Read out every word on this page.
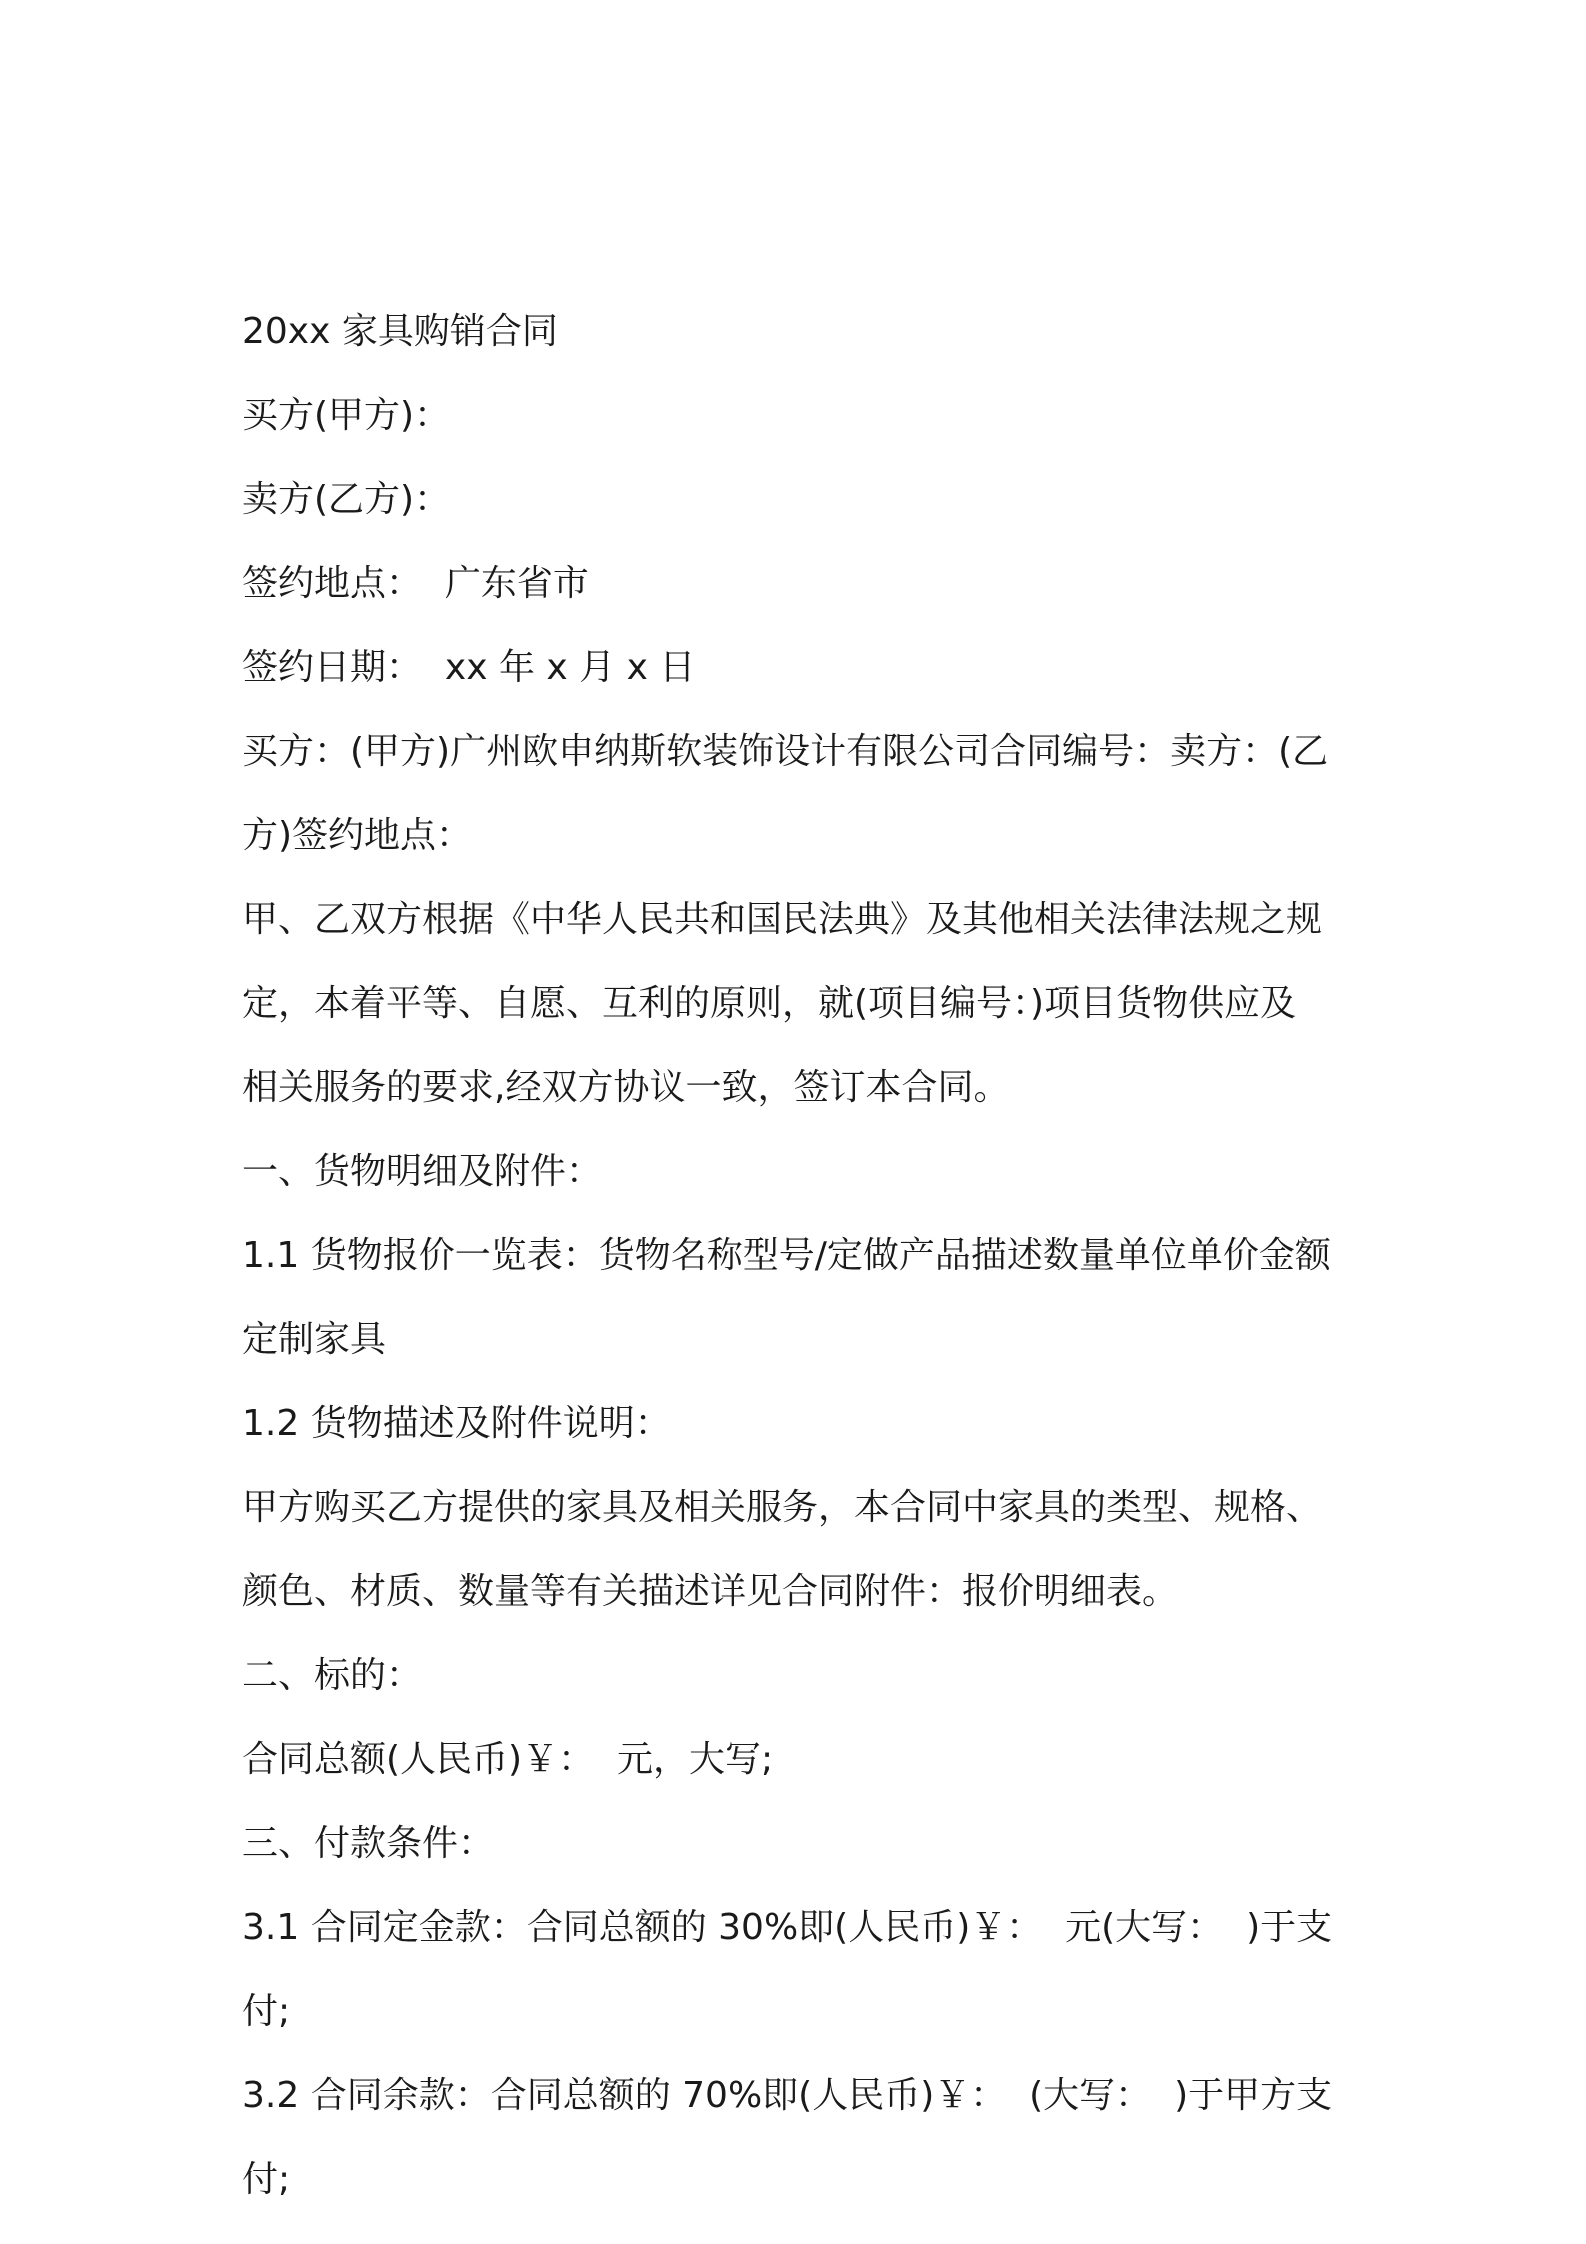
20xx 家具购销合同

买方(甲方)：

卖方(乙方)：

签约地点：  广东省市

签约日期：  xx 年 x 月 x 日

买方：(甲方)广州欧申纳斯软装饰设计有限公司合同编号：卖方：(乙

方)签约地点：

甲、乙双方根据《中华人民共和国民法典》及其他相关法律法规之规

定，本着平等、自愿、互利的原则，就(项目编号：)项目货物供应及

相关服务的要求,经双方协议一致，签订本合同。

一、货物明细及附件：

1.1 货物报价一览表：货物名称型号/定做产品描述数量单位单价金额

定制家具

1.2 货物描述及附件说明：

甲方购买乙方提供的家具及相关服务，本合同中家具的类型、规格、

颜色、材质、数量等有关描述详见合同附件：报价明细表。

二、标的：

合同总额(人民币)￥：  元，大写;

三、付款条件：

3.1 合同定金款：合同总额的 30%即(人民币)￥：  元(大写：  )于支付;

3.2 合同余款：合同总额的 70%即(人民币)￥：  (大写：  )于甲方支付;
